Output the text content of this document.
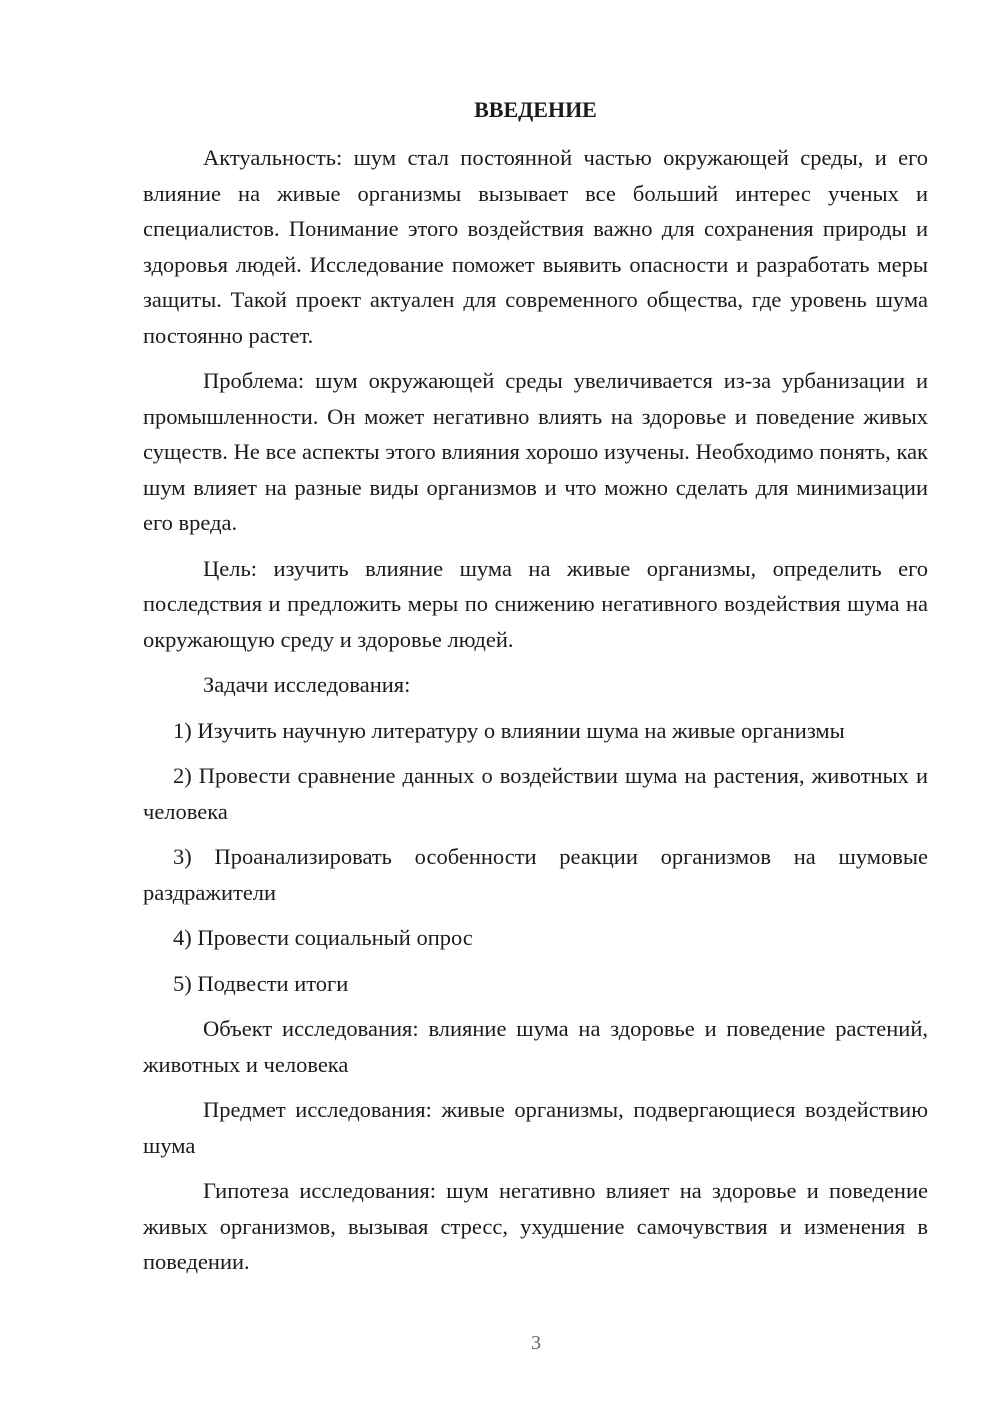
ВВЕДЕНИЕ

Актуальность: шум стал постоянной частью окружающей среды, и его влияние на живые организмы вызывает все больший интерес ученых и специалистов. Понимание этого воздействия важно для сохранения природы и здоровья людей. Исследование поможет выявить опасности и разработать меры защиты. Такой проект актуален для современного общества, где уровень шума постоянно растет.

Проблема: шум окружающей среды увеличивается из-за урбанизации и промышленности. Он может негативно влиять на здоровье и поведение живых существ. Не все аспекты этого влияния хорошо изучены. Необходимо понять, как шум влияет на разные виды организмов и что можно сделать для минимизации его вреда.

Цель: изучить влияние шума на живые организмы, определить его последствия и предложить меры по снижению негативного воздействия шума на окружающую среду и здоровье людей.

Задачи исследования:

1) Изучить научную литературу о влиянии шума на живые организмы

2) Провести сравнение данных о воздействии шума на растения, животных и человека

3) Проанализировать особенности реакции организмов на шумовые раздражители

4) Провести социальный опрос

5) Подвести итоги

Объект исследования: влияние шума на здоровье и поведение растений, животных и человека

Предмет исследования: живые организмы, подвергающиеся воздействию шума

Гипотеза исследования: шум негативно влияет на здоровье и поведение живых организмов, вызывая стресс, ухудшение самочувствия и изменения в поведении.

3
